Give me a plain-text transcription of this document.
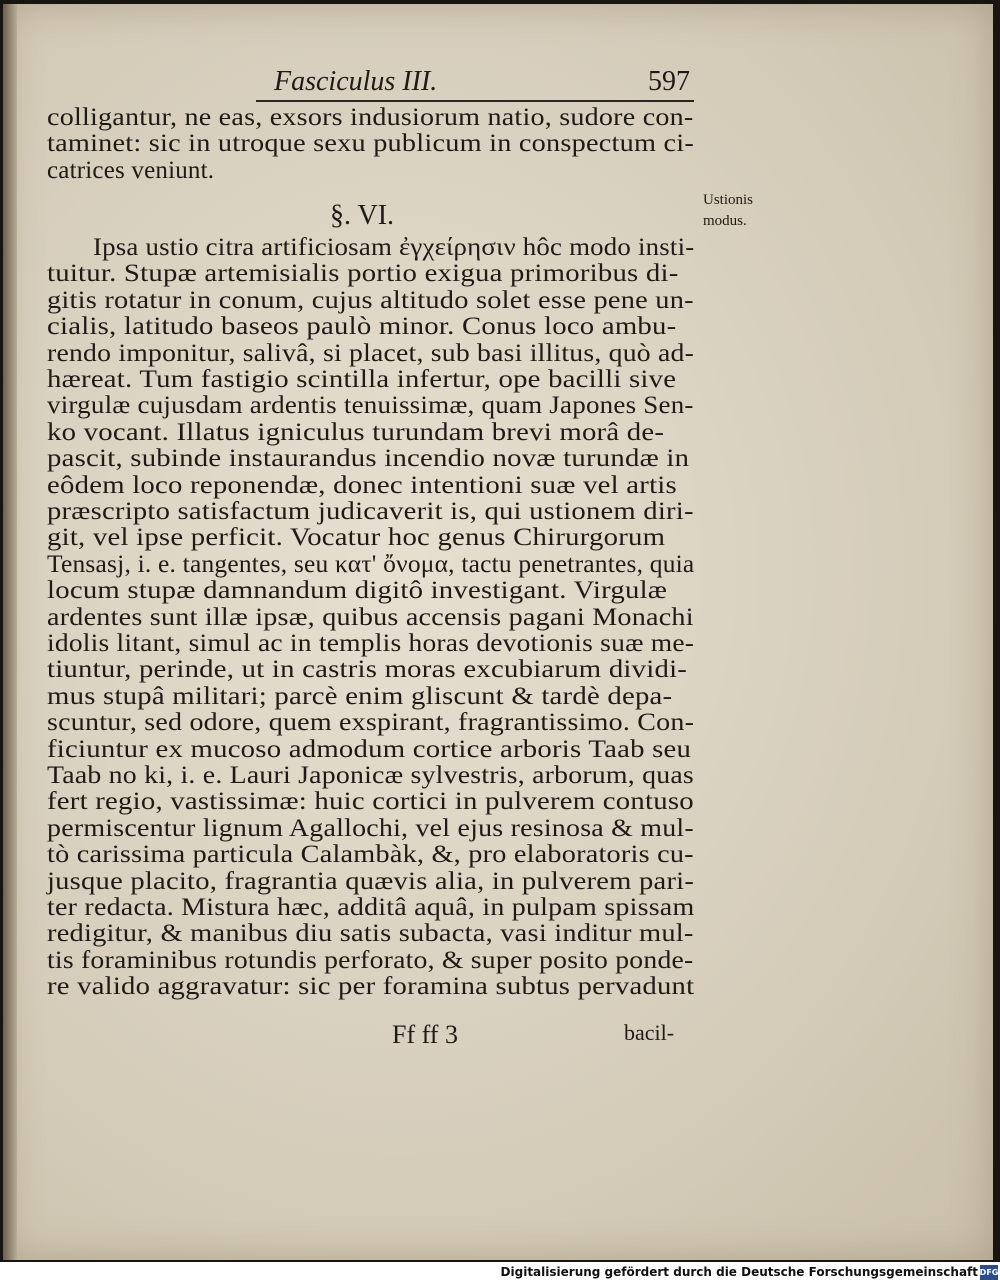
Fasciculus III.	597
Ustionis
modus.
§. VI.
colligantur, ne eas, exsors indusiorum natio, sudore con-
taminet: sic in utroque sexu publicum in conspectum ci-
catrices veniunt.
Ipsa ustio citra artificiosam ἐγχείρησιν hôc modo insti-
tuitur. Stupæ artemisialis portio exigua primoribus di-
gitis rotatur in conum, cujus altitudo solet esse pene un-
cialis, latitudo baseos paulò minor. Conus loco ambu-
rendo imponitur, salivâ, si placet, sub basi illitus, quò ad-
hæreat. Tum fastigio scintilla infertur, ope bacilli sive
virgulæ cujusdam ardentis tenuissimæ, quam Japones Sen-
ko vocant. Illatus igniculus turundam brevi morâ de-
pascit, subinde instaurandus incendio novæ turundæ in
eôdem loco reponendæ, donec intentioni suæ vel artis
præscripto satisfactum judicaverit is, qui ustionem diri-
git, vel ipse perficit. Vocatur hoc genus Chirurgorum
Tensasj, i. e. tangentes, seu κατ' ὄνομα, tactu penetrantes, quia
locum stupæ damnandum digitô investigant. Virgulæ
ardentes sunt illæ ipsæ, quibus accensis pagani Monachi
idolis litant, simul ac in templis horas devotionis suæ me-
tiuntur, perinde, ut in castris moras excubiarum dividi-
mus stupâ militari; parcè enim gliscunt & tardè depa-
scuntur, sed odore, quem exspirant, fragrantissimo. Con-
ficiuntur ex mucoso admodum cortice arboris Taab seu
Taab no ki, i. e. Lauri Japonicæ sylvestris, arborum, quas
fert regio, vastissimæ: huic cortici in pulverem contuso
permiscentur lignum Agallochi, vel ejus resinosa & mul-
tò carissima particula Calambàk, &, pro elaboratoris cu-
jusque placito, fragrantia quævis alia, in pulverem pari-
ter redacta. Mistura hæc, additâ aquâ, in pulpam spissam
redigitur, & manibus diu satis subacta, vasi inditur mul-
tis foraminibus rotundis perforato, & super posito ponde-
re valido aggravatur: sic per foramina subtus pervadunt
Ff ff 3	bacil-
Digitalisierung gefördert durch die Deutsche Forschungsgemeinschaft DFG
